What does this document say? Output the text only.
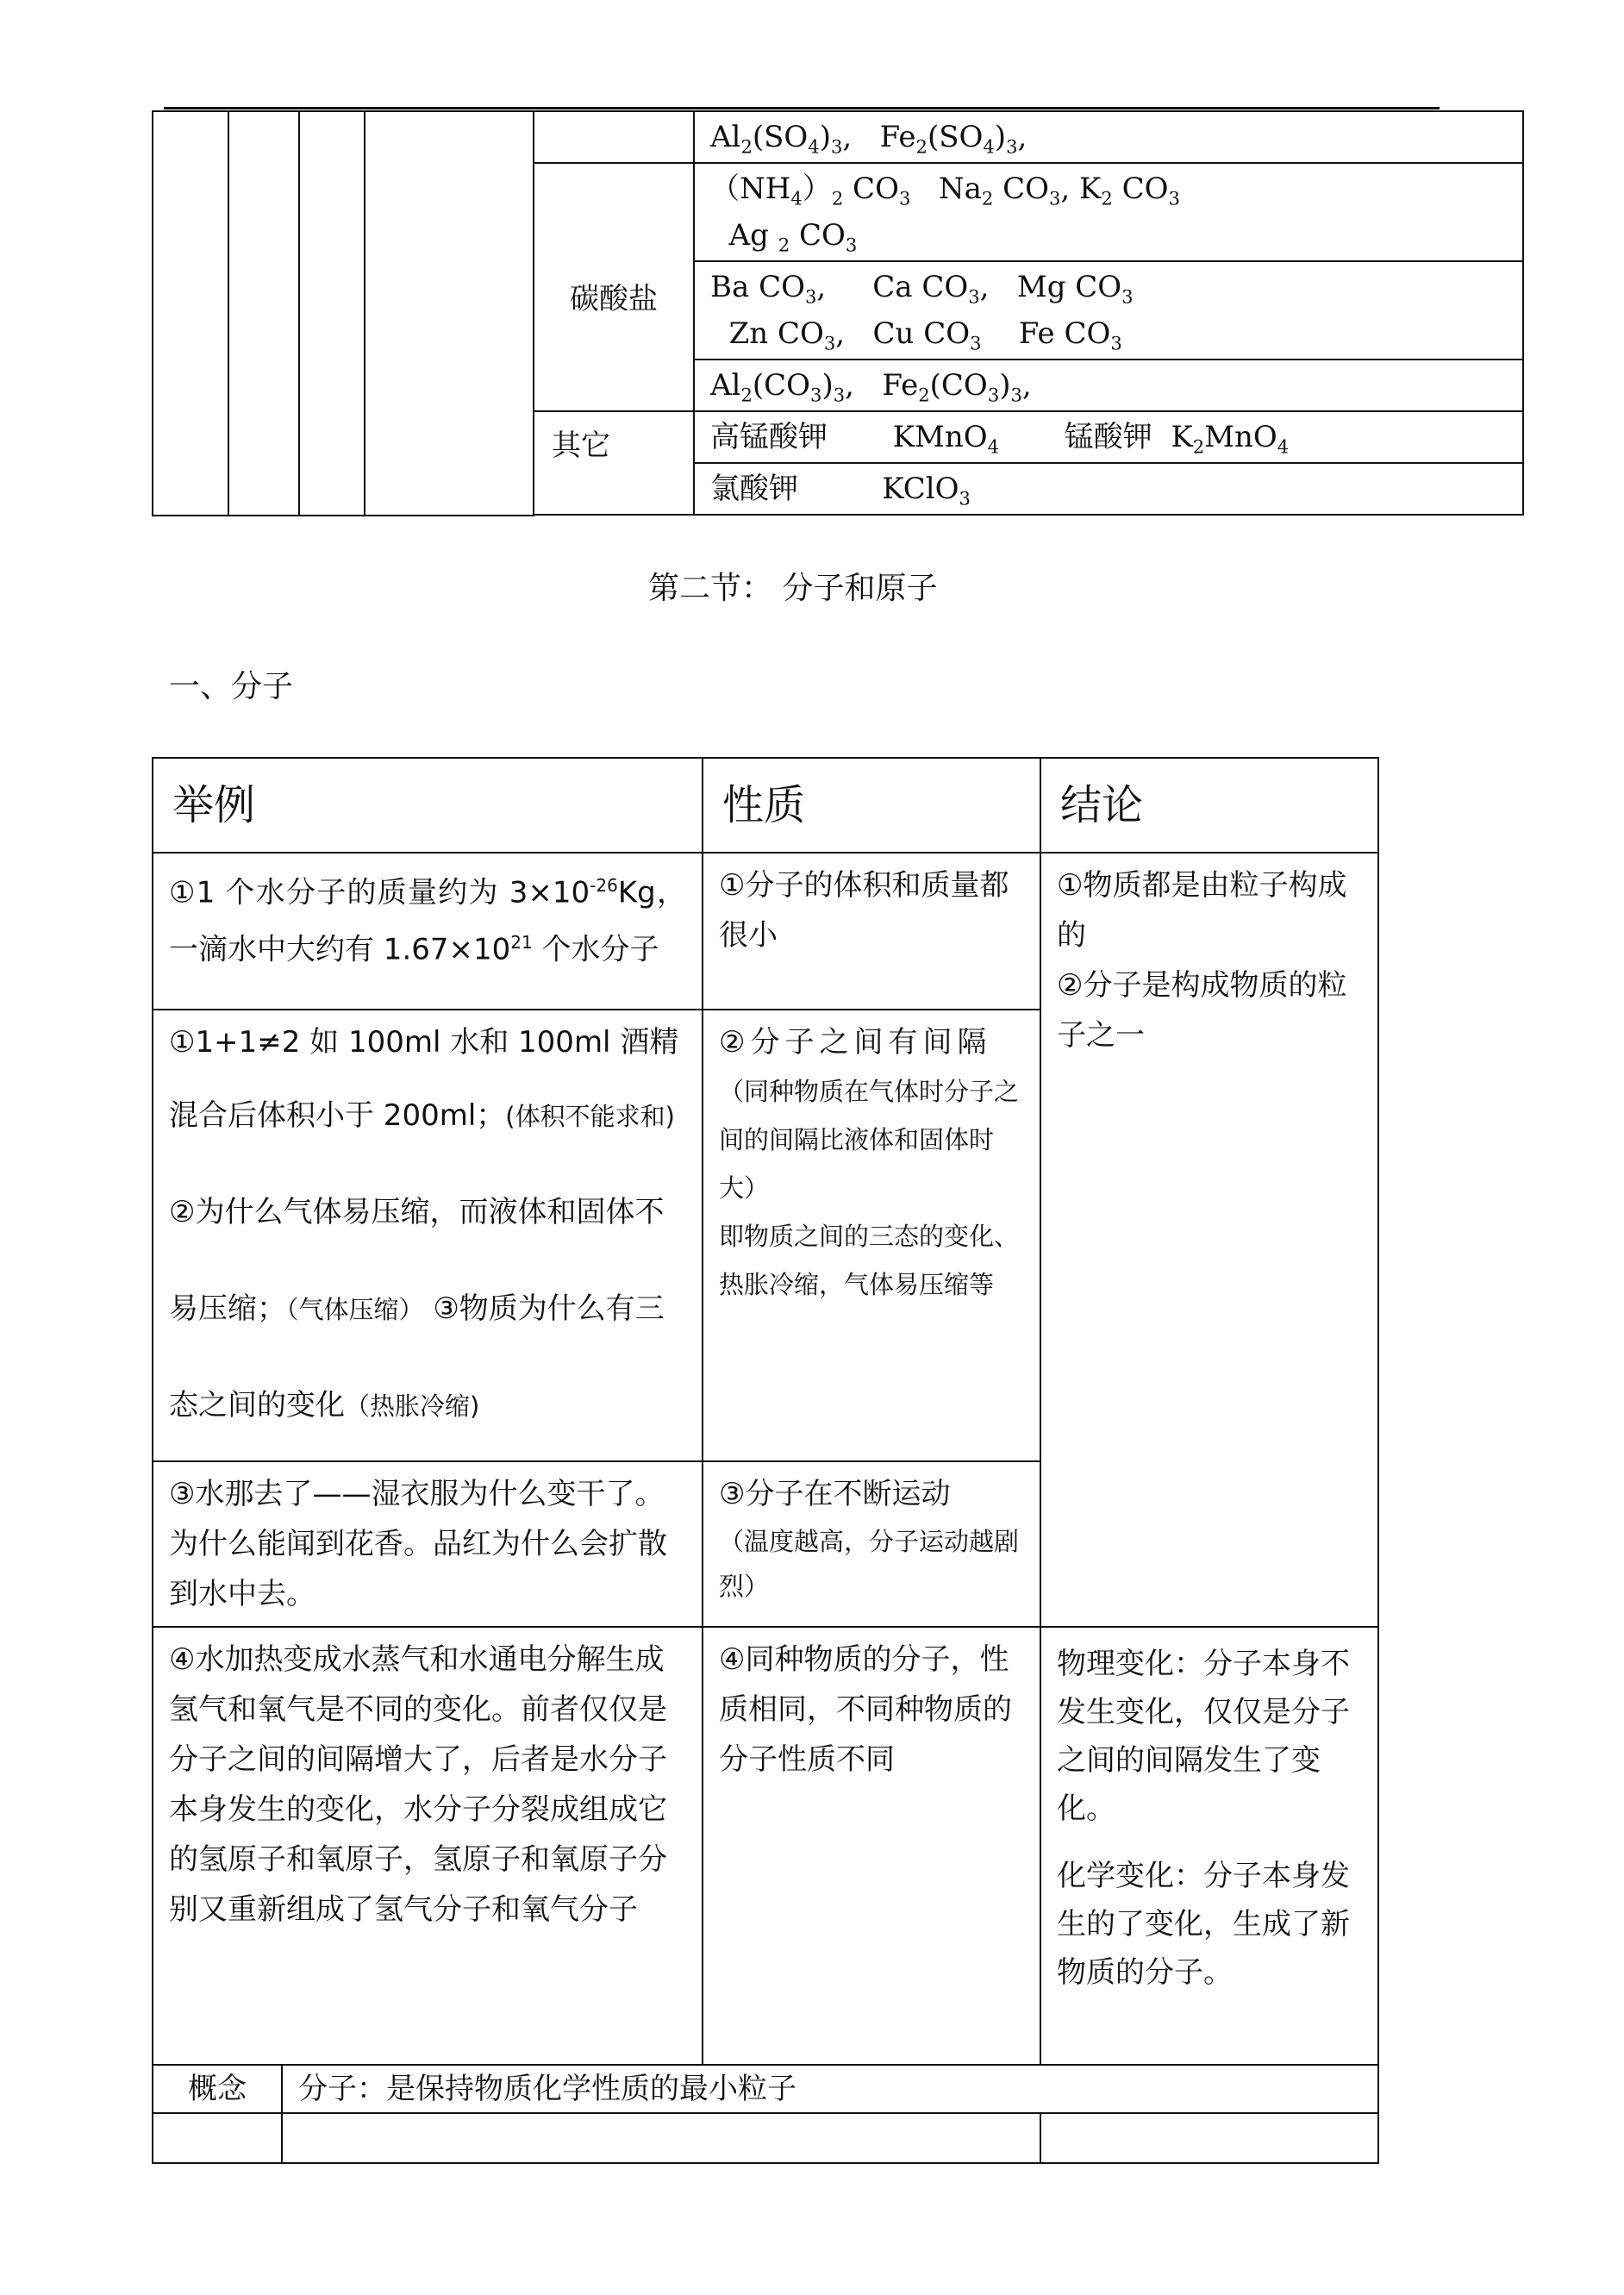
					$Al_2(SO_4)_3$, $Fe_2(SO_4)_3$,
				碳酸盐	$(NH_4)_2$ $CO_3$ $Na_2$ $CO_3$, $K_2$ $CO_3$
Ag $_2$ $CO_3$

					Ba $CO_3$, Ca $CO_3$, Mg $CO_3$
Zn $CO_3$, Cu $CO_3$ Fe $CO_3$

					$Al_2(CO_3)_3$, $Fe_2(CO_3)_3$,
				其它	高锰酸钾 KMnO$_4$ 锰酸钾 $K_2MnO_4$
					氯酸钾 KClO$_3$

第二节： 分子和原子
一、分子
举例		性质	结论
①1 个水分子的质量约为 $3\times 10^{-26}Kg$，一滴水中大约有 $1.67\times 10^{21}$ 个水分子		①分子的体积和质量都很小	①物质都是由粒子构成的
②分子是构成物质的粒子之一

①1+1≠2 如 100ml 水和 100ml 酒精混合后体积小于 200ml；(体积不能求和) ②为什么气体易压缩，而液体和固体不易压缩；（气体压缩） ③物质为什么有三态之间的变化（热胀冷缩)		②分子之间有间隔
（同种物质在气体时分子之间的间隔比液体和固体时大）
即物质之间的三态的变化、热胀冷缩，气体易压缩等	

③水那去了——湿衣服为什么变干了。为什么能闻到花香。品红为什么会扩散到水中去。		③分子在不断运动
（温度越高，分子运动越剧烈）	

④水加热变成水蒸气和水通电分解生成氢气和氧气是不同的变化。前者仅仅是分子之间的间隔增大了，后者是水分子本身发生的变化，水分子分裂成组成它的氢原子和氧原子，氢原子和氧原子分别又重新组成了氢气分子和氧气分子		④同种物质的分子，性质相同，不同种物质的分子性质不同	物理变化：分子本身不发生变化，仅仅是分子之间的间隔发生了变化。
化学变化：分子本身发生的了变化，生成了新物质的分子。

概念	分子：是保持物质化学性质的最小粒子		
